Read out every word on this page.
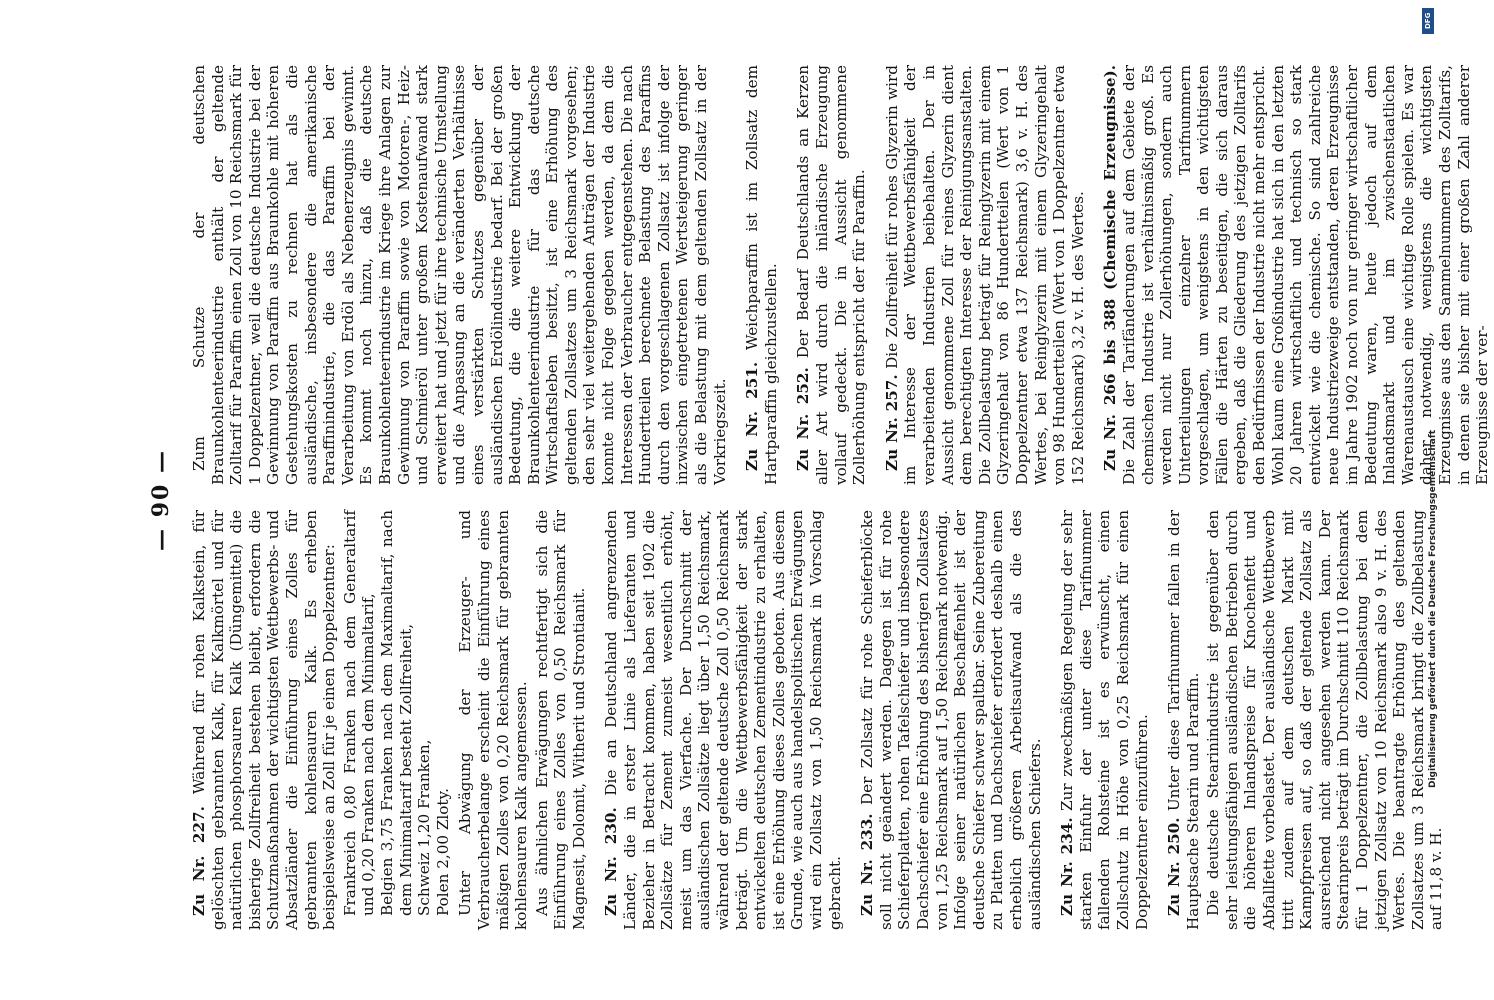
— 90 —

Zu Nr. 227. Während für rohen Kalkstein, für gelöschten gebrannten Kalk, für Kalkmörtel und für natürlichen phosphorsauren Kalk (Düngemittel) die bisherige Zollfreiheit bestehen bleibt, erfordern die Schutzmaßnahmen der wichtigsten Wettbewerbs- und Absatzländer die Einführung eines Zolles für gebrannten kohlensauren Kalk. Es erheben beispielsweise an Zoll für je einen Doppelzentner: Frankreich 0,80 Franken nach dem Generaltarif und 0,20 Franken nach dem Minimaltarif, Belgien 3,75 Franken nach dem Maximaltarif, nach dem Minimaltarif besteht Zollfreiheit, Schweiz 1,20 Franken, Polen 2,00 Zloty. Unter Abwägung der Erzeuger- und Verbraucherbelange erscheint die Einführung eines mäßigen Zolles von 0,20 Reichsmark für gebrannten kohlensauren Kalk angemessen. Aus ähnlichen Erwägungen rechtfertigt sich die Einführung eines Zolles von 0,50 Reichsmark für Magnesit, Dolomit, Witherit und Strontianit. Zu Nr. 230. Die an Deutschland angrenzenden Länder, die in erster Linie als Lieferanten und Bezieher in Betracht kommen, haben seit 1902 die Zollsätze für Zement zumeist wesentlich erhöht, meist um das Vierfache. Der Durchschnitt der ausländischen Zollsätze liegt über 1,50 Reichsmark, während der geltende deutsche Zoll 0,50 Reichsmark beträgt. Um die Wettbewerbsfähigkeit der stark entwickelten deutschen Zementindustrie zu erhalten, ist eine Erhöhung dieses Zolles geboten. Aus diesem Grunde, wie auch aus handelspolitischen Erwägungen wird ein Zollsatz von 1,50 Reichsmark in Vorschlag gebracht. Zu Nr. 233. Der Zollsatz für rohe Schieferblöcke soll nicht geändert werden. Dagegen ist für rohe Schieferplatten, rohen Tafelschiefer und insbesondere Dachschiefer eine Erhöhung des bisherigen Zollsatzes von 1,25 Reichsmark auf 1,50 Reichsmark notwendig. Infolge seiner natürlichen Beschaffenheit ist der deutsche Schiefer schwer spaltbar. Seine Zubereitung zu Platten und Dachschiefer erfordert deshalb einen erheblich größeren Arbeitsaufwand als die des ausländischen Schiefers. Zu Nr. 234. Zur zweckmäßigen Regelung der sehr starken Einfuhr der unter diese Tarifnummer fallenden Rohsteine ist es erwünscht, einen Zollschutz in Höhe von 0,25 Reichsmark für einen Doppelzentner einzuführen. Zu Nr. 250. Unter diese Tarifnummer fallen in der Hauptsache Stearin und Paraffin. Die deutsche Stearinindustrie ist gegenüber den sehr leistungsfähigen ausländischen Betrieben durch die höheren Inlandspreise für Knochenfett und Abfallfette vorbelastet. Der ausländische Wettbewerb tritt zudem auf dem deutschen Markt mit Kampfpreisen auf, so daß der geltende Zollsatz als ausreichend nicht angesehen werden kann. Der Stearinpreis beträgt im Durchschnitt 110 Reichsmark für 1 Doppelzentner, die Zollbelastung bei dem jetzigen Zollsatz von 10 Reichsmark also 9 v. H. des Wertes. Die beantragte Erhöhung des geltenden Zollsatzes um 3 Reichsmark bringt die Zollbelastung auf 11,8 v. H.

Zum Schutze der deutschen Braunkohlenteerindustrie enthält der geltende Zolltarif für Paraffin einen Zoll von 10 Reichsmark für 1 Doppelzentner, weil die deutsche Industrie bei der Gewinnung von Paraffin aus Braunkohle mit höheren Gestehungskosten zu rechnen hat als die ausländische, insbesondere die amerikanische Paraffinindustrie, die das Paraffin bei der Verarbeitung von Erdöl als Nebenerzeugnis gewinnt. Es kommt noch hinzu, daß die deutsche Braunkohlenteerindustrie im Kriege ihre Anlagen zur Gewinnung von Paraffin sowie von Motoren-, Heiz- und Schmieröl unter großem Kostenaufwand stark erweitert hat und jetzt für ihre technische Umstellung und die Anpassung an die veränderten Verhältnisse eines verstärkten Schutzes gegenüber der ausländischen Erdölindustrie bedarf. Bei der großen Bedeutung, die die weitere Entwicklung der Braunkohlenteerindustrie für das deutsche Wirtschaftsleben besitzt, ist eine Erhöhung des geltenden Zollsatzes um 3 Reichsmark vorgesehen; den sehr viel weitergehenden Anträgen der Industrie konnte nicht Folge gegeben werden, da dem die Interessen der Verbraucher entgegenstehen. Die nach Hundertteilen berechnete Belastung des Paraffins durch den vorgeschlagenen Zollsatz ist infolge der inzwischen eingetretenen Wertsteigerung geringer als die Belastung mit dem geltenden Zollsatz in der Vorkriegszeit. Zu Nr. 251. Weichparaffin ist im Zollsatz dem Hartparaffin gleichzustellen. Zu Nr. 252. Der Bedarf Deutschlands an Kerzen aller Art wird durch die inländische Erzeugung vollauf gedeckt. Die in Aussicht genommene Zollerhöhung entspricht der für Paraffin. Zu Nr. 257. Die Zollfreiheit für rohes Glyzerin wird im Interesse der Wettbewerbsfähigkeit der verarbeitenden Industrien beibehalten. Der in Aussicht genommene Zoll für reines Glyzerin dient dem berechtigten Interesse der Reinigungsanstalten. Die Zollbelastung beträgt für Reinglyzerin mit einem Glyzeringehalt von 86 Hundertteilen (Wert von 1 Doppelzentner etwa 137 Reichsmark) 3,6 v. H. des Wertes, bei Reinglyzerin mit einem Glyzeringehalt von 98 Hundertteilen (Wert von 1 Doppelzentner etwa 152 Reichsmark) 3,2 v. H. des Wertes. Zu Nr. 266 bis 388 (Chemische Erzeugnisse). Die Zahl der Tarifänderungen auf dem Gebiete der chemischen Industrie ist verhältnismäßig groß. Es werden nicht nur Zollerhöhungen, sondern auch Unterteilungen einzelner Tarifnummern vorgeschlagen, um wenigstens in den wichtigsten Fällen die Härten zu beseitigen, die sich daraus ergeben, daß die Gliederung des jetzigen Zolltarifs den Bedürfnissen der Industrie nicht mehr entspricht. Wohl kaum eine Großindustrie hat sich in den letzten 20 Jahren wirtschaftlich und technisch so stark entwickelt wie die chemische. So sind zahlreiche neue Industriezweige entstanden, deren Erzeugnisse im Jahre 1902 noch von nur geringer wirtschaftlicher Bedeutung waren, heute jedoch auf dem Inlandsmarkt und im zwischenstaatlichen Warenaustausch eine wichtige Rolle spielen. Es war daher notwendig, wenigstens die wichtigsten Erzeugnisse aus den Sammelnummern des Zolltarifs, in denen sie bisher mit einer großen Zahl anderer Erzeugnisse der ver-

DFG
Digitalisierung gefördert durch die Deutsche Forschungsgemeinschaft
